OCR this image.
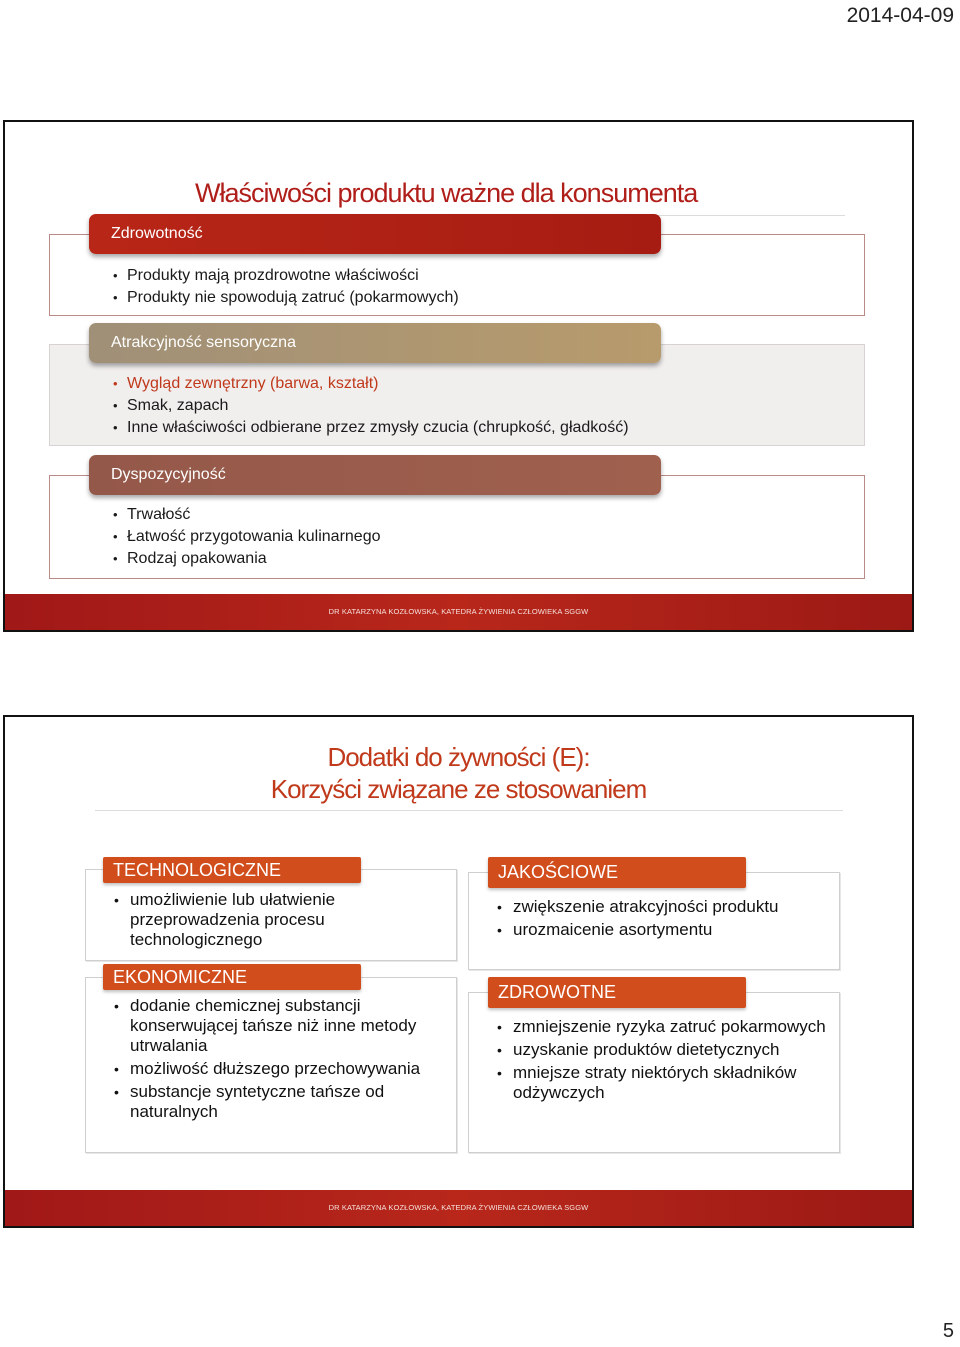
2014-04-09
Właściwości produktu ważne dla konsumenta
• Produkty mają prozdrowotne właściwości
• Produkty nie spowodują zatruć (pokarmowych)
Zdrowotność
• Wygląd zewnętrzny (barwa, kształt)
• Smak, zapach
• Inne właściwości odbierane przez zmysły czucia (chrupkość, gładkość)
Atrakcyjność sensoryczna
• Trwałość
• Łatwość przygotowania kulinarnego
• Rodzaj opakowania
Dyspozycyjność
DR KATARZYNA KOZŁOWSKA, KATEDRA ŻYWIENIA CZŁOWIEKA SGGW
Dodatki do żywności (E):
Korzyści związane ze stosowaniem
• umożliwienie lub ułatwienie przeprowadzenia procesu technologicznego
TECHNOLOGICZNE
• dodanie chemicznej substancji konserwującej tańsze niż inne metody utrwalania
• możliwość dłuższego przechowywania
• substancje syntetyczne tańsze od naturalnych
EKONOMICZNE
• zwiększenie atrakcyjności produktu
• urozmaicenie asortymentu
JAKOŚCIOWE
• zmniejszenie ryzyka zatruć pokarmowych
• uzyskanie produktów dietetycznych
• mniejsze straty niektórych składników odżywczych
ZDROWOTNE
DR KATARZYNA KOZŁOWSKA, KATEDRA ŻYWIENIA CZŁOWIEKA SGGW
5
